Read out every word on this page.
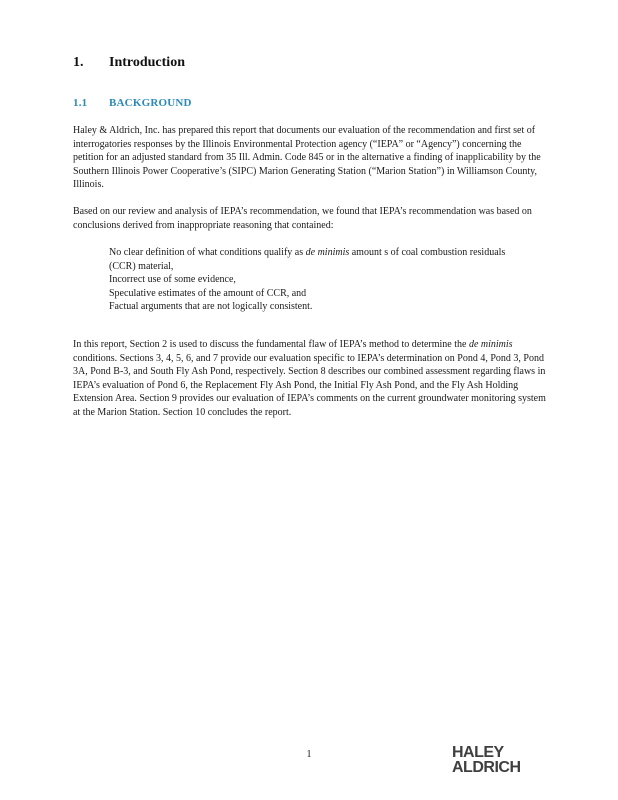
1. Introduction
1.1 BACKGROUND
Haley & Aldrich, Inc. has prepared this report that documents our evaluation of the recommendation and first set of interrogatories responses by the Illinois Environmental Protection agency (“IEPA” or “Agency”) concerning the petition for an adjusted standard from 35 Ill. Admin. Code 845 or in the alternative a finding of inapplicability by the Southern Illinois Power Cooperative’s (SIPC) Marion Generating Station (“Marion Station”) in Williamson County, Illinois.
Based on our review and analysis of IEPA’s recommendation, we found that IEPA’s recommendation was based on conclusions derived from inappropriate reasoning that contained:
No clear definition of what conditions qualify as de minimis amount s of coal combustion residuals (CCR) material,
Incorrect use of some evidence,
Speculative estimates of the amount of CCR, and
Factual arguments that are not logically consistent.
In this report, Section 2 is used to discuss the fundamental flaw of IEPA’s method to determine the de minimis conditions. Sections 3, 4, 5, 6, and 7 provide our evaluation specific to IEPA’s determination on Pond 4, Pond 3, Pond 3A, Pond B-3, and South Fly Ash Pond, respectively. Section 8 describes our combined assessment regarding flaws in IEPA’s evaluation of Pond 6, the Replacement Fly Ash Pond, the Initial Fly Ash Pond, and the Fly Ash Holding Extension Area. Section 9 provides our evaluation of IEPA’s comments on the current groundwater monitoring system at the Marion Station. Section 10 concludes the report.
1	HALEY
ALDRICH
